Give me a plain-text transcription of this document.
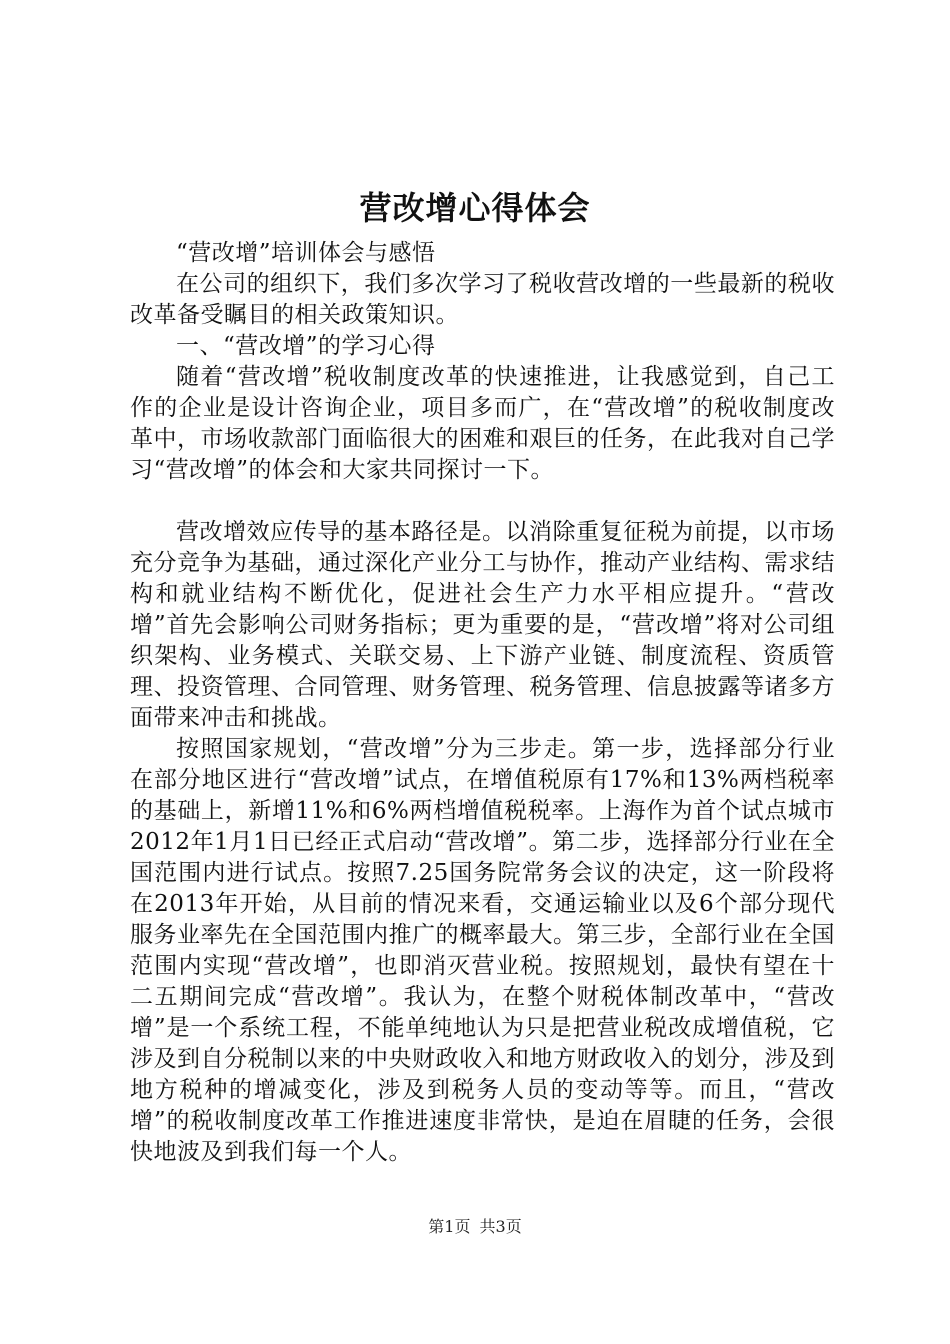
营改增心得体会

“营改增”培训体会与感悟

在公司的组织下，我们多次学习了税收营改增的一些最新的税收改革备受瞩目的相关政策知识。

一、“营改增”的学习心得

随着“营改增”税收制度改革的快速推进，让我感觉到，自己工作的企业是设计咨询企业，项目多而广，在“营改增”的税收制度改革中，市场收款部门面临很大的困难和艰巨的任务，在此我对自己学习“营改增”的体会和大家共同探讨一下。

营改增效应传导的基本路径是。以消除重复征税为前提，以市场充分竞争为基础，通过深化产业分工与协作，推动产业结构、需求结构和就业结构不断优化，促进社会生产力水平相应提升。“营改增”首先会影响公司财务指标；更为重要的是，“营改增”将对公司组织架构、业务模式、关联交易、上下游产业链、制度流程、资质管理、投资管理、合同管理、财务管理、税务管理、信息披露等诸多方面带来冲击和挑战。

按照国家规划，“营改增”分为三步走。第一步，选择部分行业在部分地区进行“营改增”试点，在增值税原有17%和13%两档税率的基础上，新增11%和6%两档增值税税率。上海作为首个试点城市2012年1月1日已经正式启动“营改增”。第二步，选择部分行业在全国范围内进行试点。按照7.25国务院常务会议的决定，这一阶段将在2013年开始，从目前的情况来看，交通运输业以及6个部分现代服务业率先在全国范围内推广的概率最大。第三步，全部行业在全国范围内实现“营改增”，也即消灭营业税。按照规划，最快有望在十二五期间完成“营改增”。我认为，在整个财税体制改革中，“营改增”是一个系统工程，不能单纯地认为只是把营业税改成增值税，它涉及到自分税制以来的中央财政收入和地方财政收入的划分，涉及到地方税种的增减变化，涉及到税务人员的变动等等。而且，“营改增”的税收制度改革工作推进速度非常快，是迫在眉睫的任务，会很快地波及到我们每一个人。

第1页 共3页
